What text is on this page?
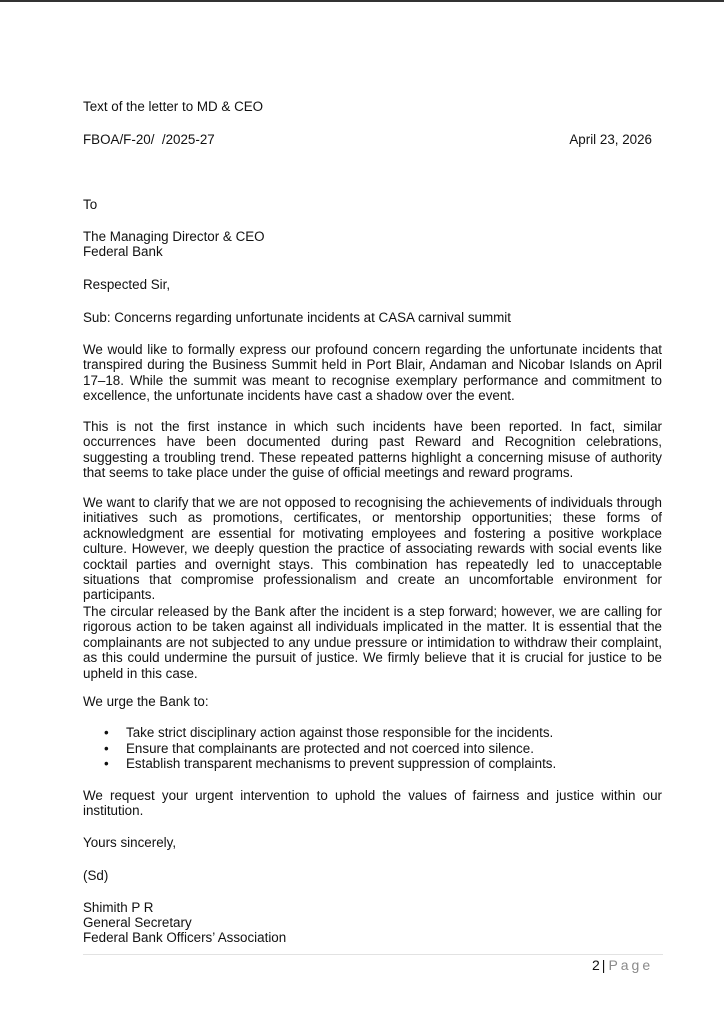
Text of the letter to MD & CEO
FBOA/F-20/  /2025-27	April 23, 2026
To
The Managing Director & CEO
Federal Bank
Respected Sir,
Sub: Concerns regarding unfortunate incidents at CASA carnival summit
We would like to formally express our profound concern regarding the unfortunate incidents that transpired during the Business Summit held in Port Blair, Andaman and Nicobar Islands on April 17–18. While the summit was meant to recognise exemplary performance and commitment to excellence, the unfortunate incidents have cast a shadow over the event.
This is not the first instance in which such incidents have been reported. In fact, similar occurrences have been documented during past Reward and Recognition celebrations, suggesting a troubling trend. These repeated patterns highlight a concerning misuse of authority that seems to take place under the guise of official meetings and reward programs.
We want to clarify that we are not opposed to recognising the achievements of individuals through initiatives such as promotions, certificates, or mentorship opportunities; these forms of acknowledgment are essential for motivating employees and fostering a positive workplace culture. However, we deeply question the practice of associating rewards with social events like cocktail parties and overnight stays. This combination has repeatedly led to unacceptable situations that compromise professionalism and create an uncomfortable environment for participants.
The circular released by the Bank after the incident is a step forward; however, we are calling for rigorous action to be taken against all individuals implicated in the matter. It is essential that the complainants are not subjected to any undue pressure or intimidation to withdraw their complaint, as this could undermine the pursuit of justice. We firmly believe that it is crucial for justice to be upheld in this case.
We urge the Bank to:
• Take strict disciplinary action against those responsible for the incidents.
• Ensure that complainants are protected and not coerced into silence.
• Establish transparent mechanisms to prevent suppression of complaints.
We request your urgent intervention to uphold the values of fairness and justice within our institution.
Yours sincerely,
(Sd)
Shimith P R
General Secretary
Federal Bank Officers’ Association
2 | Page
